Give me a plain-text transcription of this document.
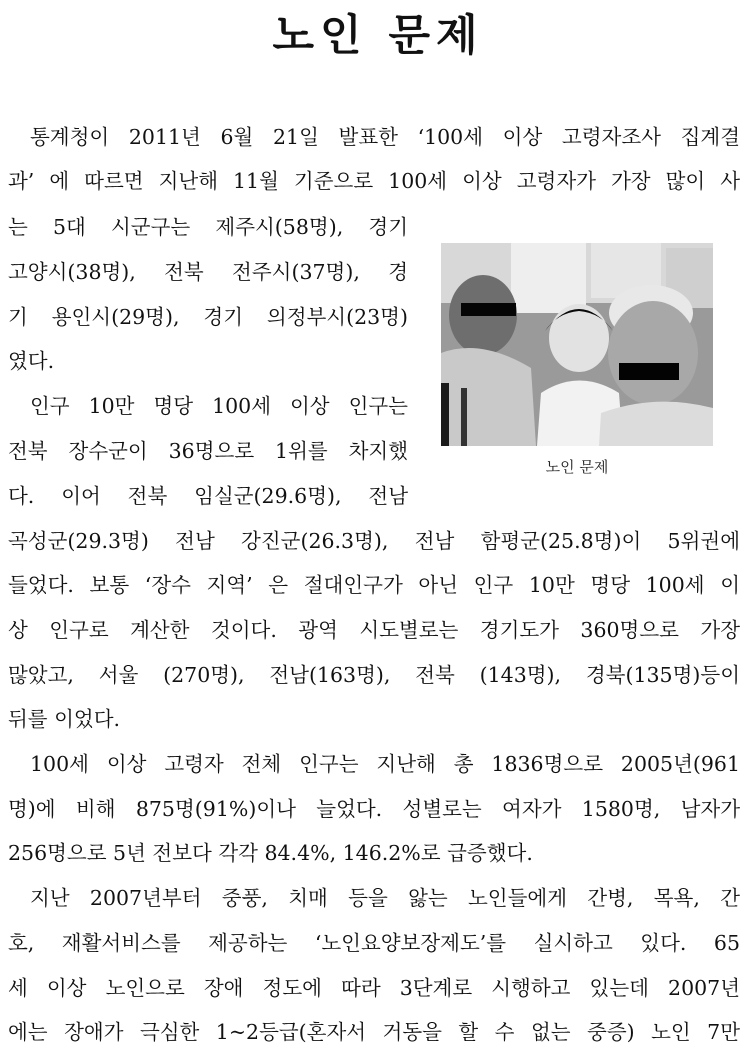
노인 문제
통계청이 2011년 6월 21일 발표한 ‘100세 이상 고령자조사 집계결
과’ 에 따르면 지난해 11월 기준으로 100세 이상 고령자가 가장 많이 사
는 5대 시군구는 제주시(58명), 경기
고양시(38명), 전북 전주시(37명), 경
기 용인시(29명), 경기 의정부시(23명)
였다.
인구 10만 명당 100세 이상 인구는
전북 장수군이 36명으로 1위를 차지했
다. 이어 전북 임실군(29.6명), 전남
곡성군(29.3명) 전남 강진군(26.3명), 전남 함평군(25.8명)이 5위권에
들었다. 보통 ‘장수 지역’ 은 절대인구가 아닌 인구 10만 명당 100세 이
상 인구로 계산한 것이다. 광역 시도별로는 경기도가 360명으로 가장
많았고, 서울 (270명), 전남(163명), 전북 (143명), 경북(135명)등이
뒤를 이었다.
100세 이상 고령자 전체 인구는 지난해 총 1836명으로 2005년(961
명)에 비해 875명(91%)이나 늘었다. 성별로는 여자가 1580명, 남자가
256명으로 5년 전보다 각각 84.4%, 146.2%로 급증했다.
지난 2007년부터 중풍, 치매 등을 앓는 노인들에게 간병, 목욕, 간
호, 재활서비스를 제공하는 ‘노인요양보장제도’를 실시하고 있다. 65
세 이상 노인으로 장애 정도에 따라 3단계로 시행하고 있는데 2007년
에는 장애가 극심한 1~2등급(혼자서 거동을 할 수 없는 중증) 노인 7만
노인 문제
